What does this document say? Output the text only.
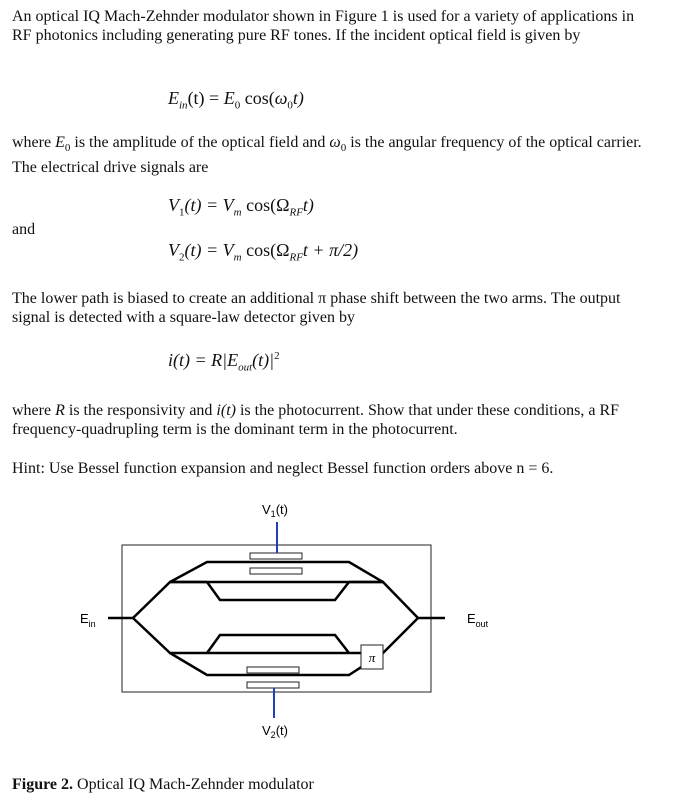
An optical IQ Mach-Zehnder modulator shown in Figure 1 is used for a variety of applications in RF photonics including generating pure RF tones. If the incident optical field is given by
$E_{in}(t) = E_0$ $\cos(\omega_0t)$
where $E_0$ is the amplitude of the optical field and $\omega_0$ is the angular frequency of the optical carrier. The electrical drive signals are
$V_1(t) = V_m$ $\cos(\Omega_{RF}t)$
and
$V_2(t) = V_m$ $\cos(\Omega_{RF}t + \pi/2)$
The lower path is biased to create an additional π phase shift between the two arms. The output signal is detected with a square-law detector given by
$i(t) = R|E_{out}(t)|^2$
where R is the responsivity and i(t) is the photocurrent. Show that under these conditions, a RF frequency-quadrupling term is the dominant term in the photocurrent.
Hint: Use Bessel function expansion and neglect Bessel function orders above n = 6.
π
$V_1(t)$
$V_2(t)$
$E_{in}$	$E_{out}$
Figure 2. Optical IQ Mach-Zehnder modulator
